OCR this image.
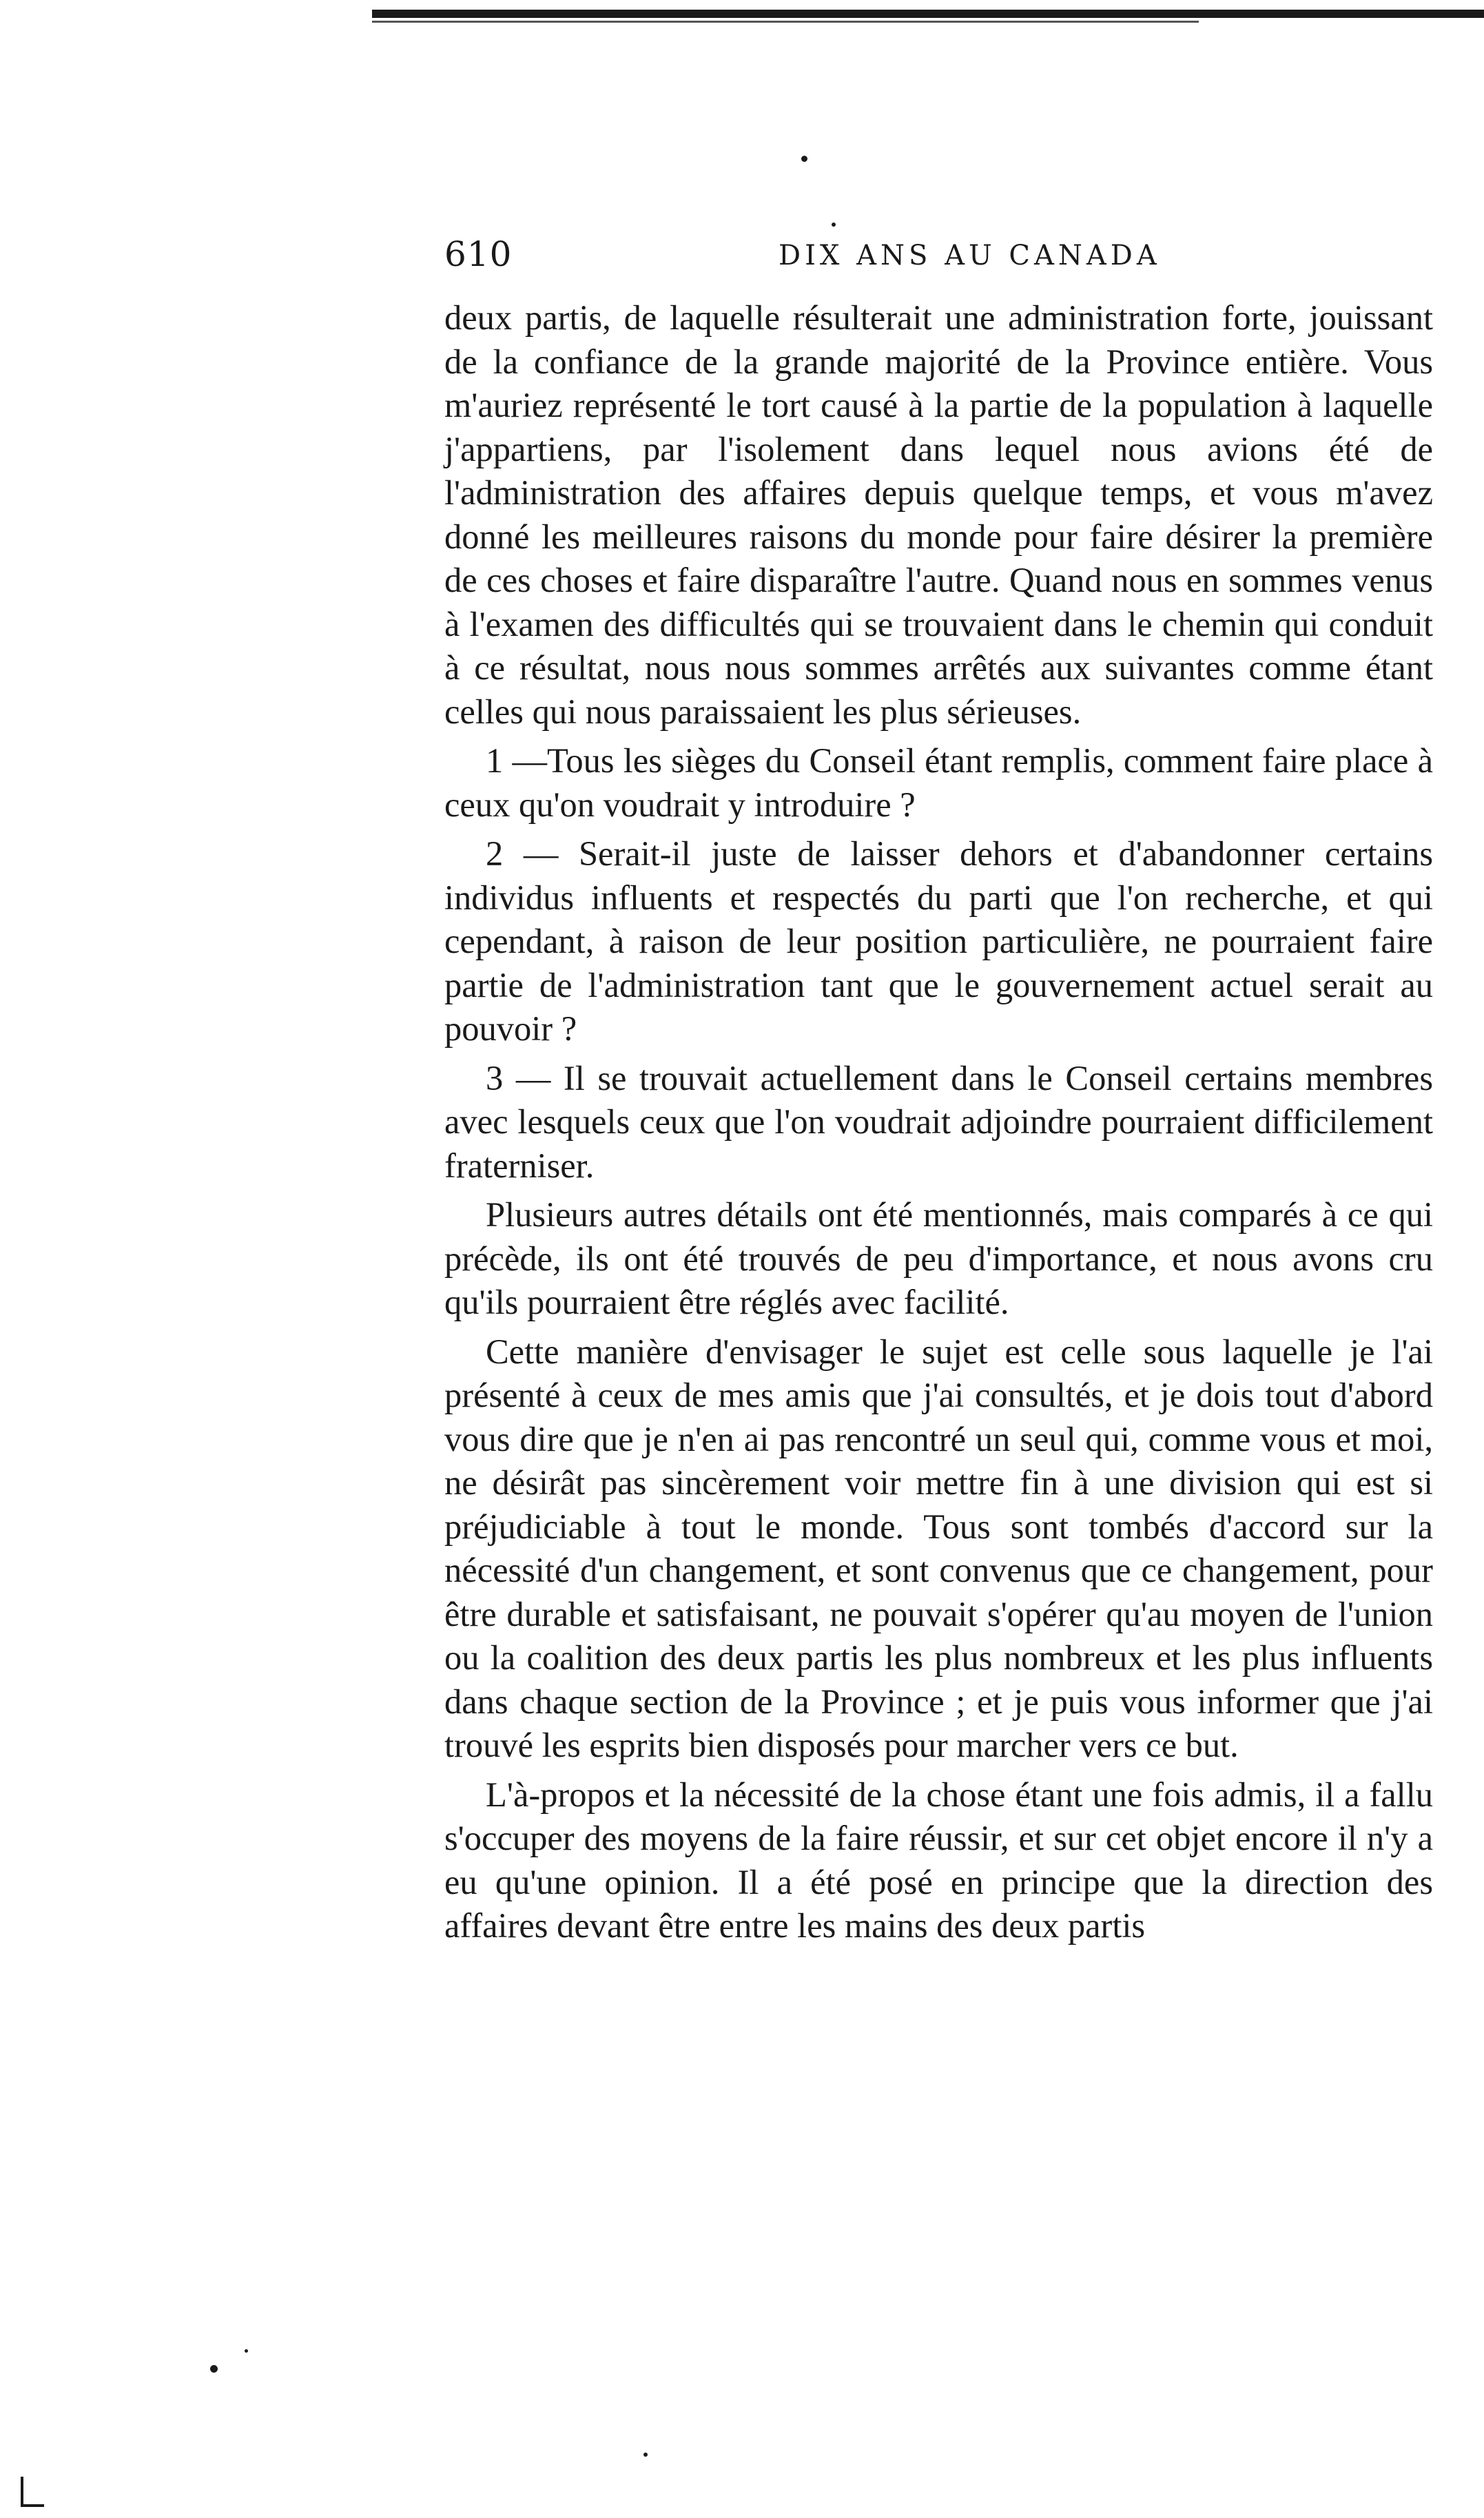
610	DIX ANS AU CANADA

deux partis, de laquelle résulterait une administration forte, jouissant de la confiance de la grande majorité de la Province entière. Vous m'auriez représenté le tort causé à la partie de la population à laquelle j'appartiens, par l'isolement dans lequel nous avions été de l'administration des affaires depuis quelque temps, et vous m'avez donné les meilleures raisons du monde pour faire désirer la première de ces choses et faire disparaître l'autre. Quand nous en sommes venus à l'examen des difficultés qui se trouvaient dans le chemin qui conduit à ce résultat, nous nous sommes arrêtés aux suivantes comme étant celles qui nous paraissaient les plus sérieuses.

1 —Tous les sièges du Conseil étant remplis, comment faire place à ceux qu'on voudrait y introduire ?

2 — Serait-il juste de laisser dehors et d'abandonner certains individus influents et respectés du parti que l'on recherche, et qui cependant, à raison de leur position particulière, ne pourraient faire partie de l'administration tant que le gouvernement actuel serait au pouvoir ?

3 — Il se trouvait actuellement dans le Conseil certains membres avec lesquels ceux que l'on voudrait adjoindre pourraient difficilement fraterniser.

Plusieurs autres détails ont été mentionnés, mais comparés à ce qui précède, ils ont été trouvés de peu d'importance, et nous avons cru qu'ils pourraient être réglés avec facilité.

Cette manière d'envisager le sujet est celle sous laquelle je l'ai présenté à ceux de mes amis que j'ai consultés, et je dois tout d'abord vous dire que je n'en ai pas rencontré un seul qui, comme vous et moi, ne désirât pas sincèrement voir mettre fin à une division qui est si préjudiciable à tout le monde. Tous sont tombés d'accord sur la nécessité d'un changement, et sont convenus que ce changement, pour être durable et satisfaisant, ne pouvait s'opérer qu'au moyen de l'union ou la coalition des deux partis les plus nombreux et les plus influents dans chaque section de la Province ; et je puis vous informer que j'ai trouvé les esprits bien disposés pour marcher vers ce but.

L'à-propos et la nécessité de la chose étant une fois admis, il a fallu s'occuper des moyens de la faire réussir, et sur cet objet encore il n'y a eu qu'une opinion. Il a été posé en principe que la direction des affaires devant être entre les mains des deux partis
